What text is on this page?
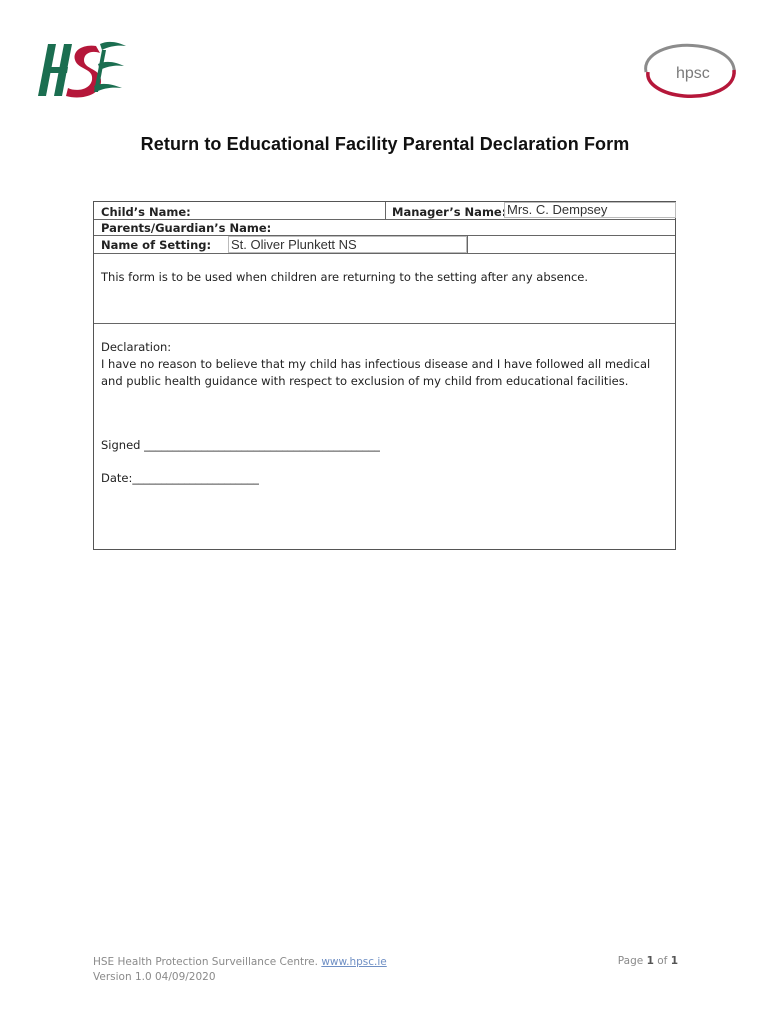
hpsc
Return to Educational Facility Parental Declaration Form
Child’s Name:	Manager’s Name: Mrs. C. Dempsey
Parents/Guardian’s Name:
Name of Setting: St. Oliver Plunkett NS
This form is to be used when children are returning to the setting after any absence.
Declaration:
I have no reason to believe that my child has infectious disease and I have followed all medical
and public health guidance with respect to exclusion of my child from educational facilities.
Signed _________________________________________
Date:______________________
HSE Health Protection Surveillance Centre. www.hpsc.ie
Version 1.0 04/09/2020
Page 1 of 1
